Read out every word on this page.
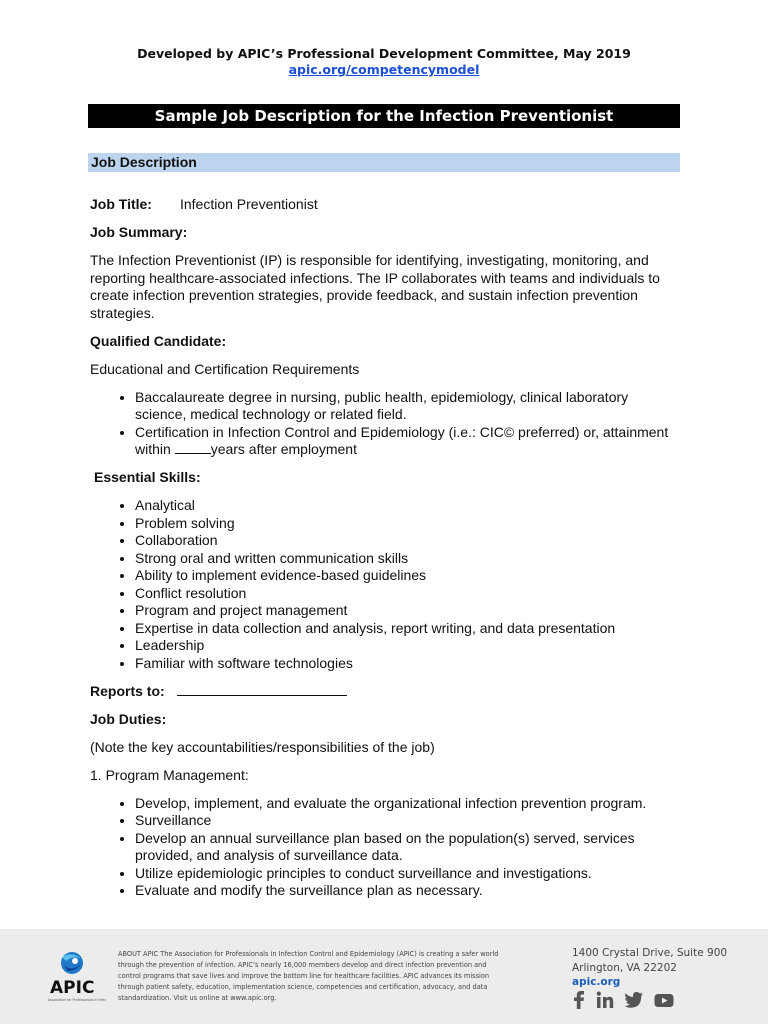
Developed by APIC’s Professional Development Committee, May 2019
apic.org/competencymodel
Sample Job Description for the Infection Preventionist
Job Description

Job Title: Infection Preventionist

Job Summary:

The Infection Preventionist (IP) is responsible for identifying, investigating, monitoring, and reporting healthcare-associated infections. The IP collaborates with teams and individuals to create infection prevention strategies, provide feedback, and sustain infection prevention strategies.

Qualified Candidate:

Educational and Certification Requirements

• Baccalaureate degree in nursing, public health, epidemiology, clinical laboratory science, medical technology or related field.
• Certification in Infection Control and Epidemiology (i.e.: CIC© preferred) or, attainment within	years after employment

Essential Skills:

• Analytical
• Problem solving
• Collaboration
• Strong oral and written communication skills
• Ability to implement evidence-based guidelines
• Conflict resolution
• Program and project management
• Expertise in data collection and analysis, report writing, and data presentation
• Leadership
• Familiar with software technologies

Reports to:

Job Duties:

(Note the key accountabilities/responsibilities of the job)

1. Program Management:

• Develop, implement, and evaluate the organizational infection prevention program.
• Surveillance
• Develop an annual surveillance plan based on the population(s) served, services provided, and analysis of surveillance data.
• Utilize epidemiologic principles to conduct surveillance and investigations.
• Evaluate and modify the surveillance plan as necessary.
APIC
Association for Professionals in Infe
ABOUT APIC The Association for Professionals in Infection Control and Epidemiology (APIC) is creating a safer world through the prevention of infection. APIC’s nearly 16,000 members develop and direct infection prevention and control programs that save lives and improve the bottom line for healthcare facilities. APIC advances its mission through patient safety, education, implementation science, competencies and certification, advocacy, and data standardization. Visit us online at www.apic.org.
1400 Crystal Drive, Suite 900
Arlington, VA 22202
apic.org
